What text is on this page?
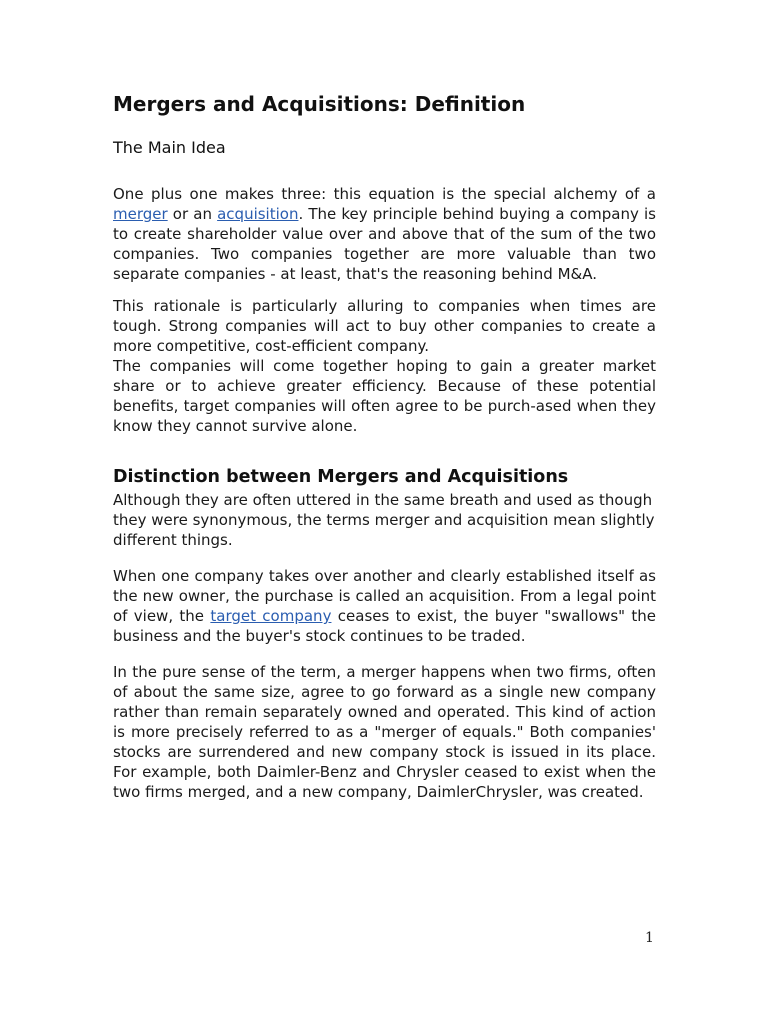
Mergers and Acquisitions: Definition
The Main Idea

One plus one makes three: this equation is the special alchemy of a merger or an acquisition. The key principle behind buying a company is to create shareholder value over and above that of the sum of the two companies. Two companies together are more valuable than two separate companies - at least, that's the reasoning behind M&A.

This rationale is particularly alluring to companies when times are tough. Strong companies will act to buy other companies to create a more competitive, cost-efficient company.
The companies will come together hoping to gain a greater market share or to achieve greater efficiency. Because of these potential benefits, target companies will often agree to be purch-ased when they know they cannot survive alone.

Distinction between Mergers and Acquisitions

Although they are often uttered in the same breath and used as though they were synonymous, the terms merger and acquisition mean slightly different things.

When one company takes over another and clearly established itself as the new owner, the purchase is called an acquisition. From a legal point of view, the target company ceases to exist, the buyer "swallows" the business and the buyer's stock continues to be traded.

In the pure sense of the term, a merger happens when two firms, often of about the same size, agree to go forward as a single new company rather than remain separately owned and operated. This kind of action is more precisely referred to as a "merger of equals." Both companies' stocks are surrendered and new company stock is issued in its place. For example, both Daimler-Benz and Chrysler ceased to exist when the two firms merged, and a new company, DaimlerChrysler, was created.

1
